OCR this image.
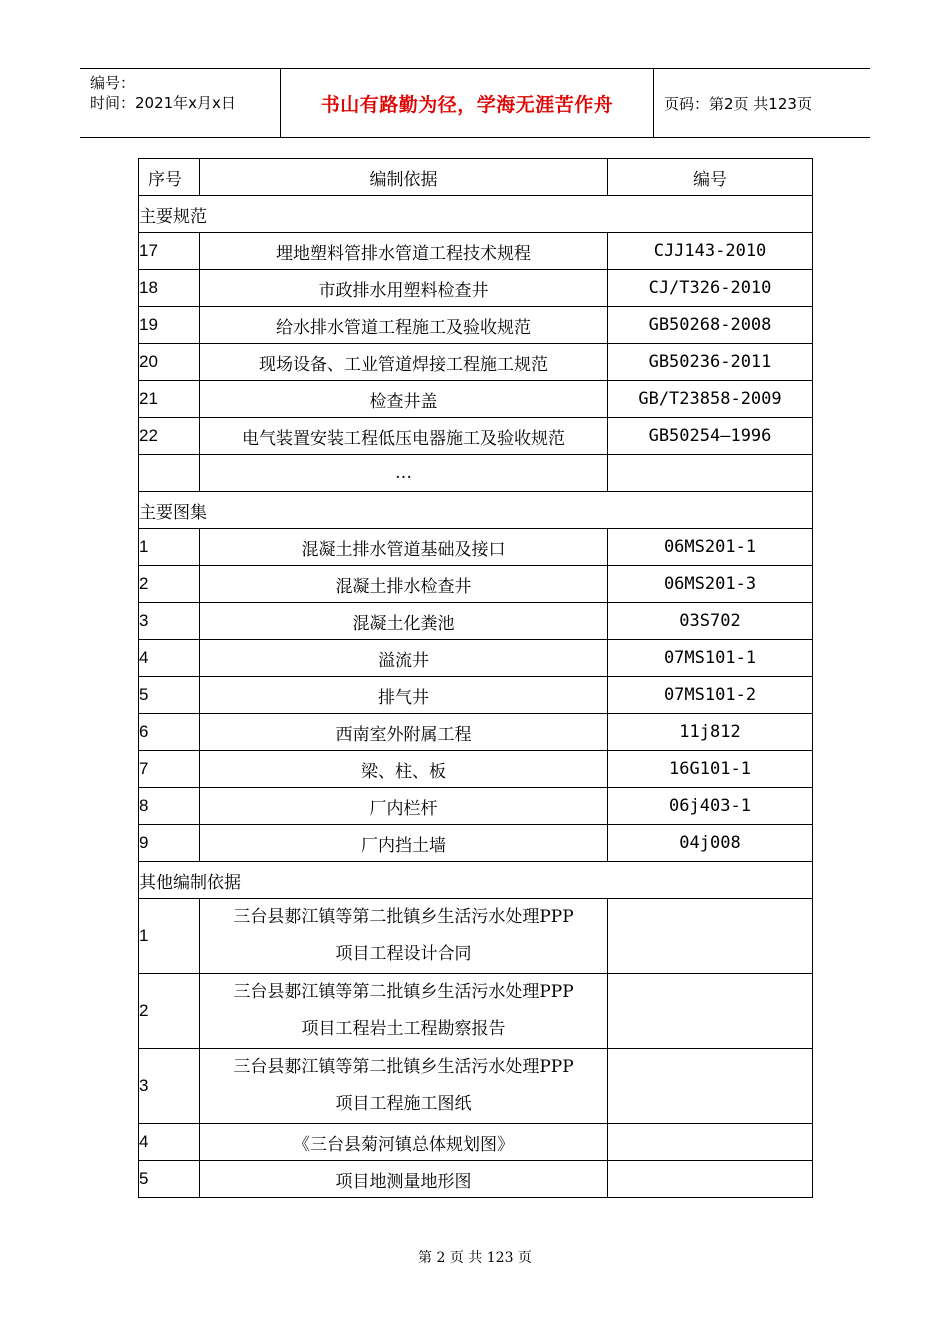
编号：
时间：2021年x月x日	书山有路勤为径，学海无涯苦作舟	页码：第2页 共123页
序号	编制依据	编号
主要规范		
17	埋地塑料管排水管道工程技术规程	CJJ143-2010
18	市政排水用塑料检查井	CJ/T326-2010
19	给水排水管道工程施工及验收规范	GB50268-2008
20	现场设备、工业管道焊接工程施工规范	GB50236-2011
21	检查井盖	GB/T23858-2009
22	电气装置安装工程低压电器施工及验收规范	GB50254—1996
	…	
主要图集		
1	混凝土排水管道基础及接口	06MS201-1
2	混凝土排水检查井	06MS201-3
3	混凝土化粪池	03S702
4	溢流井	07MS101-1
5	排气井	07MS101-2
6	西南室外附属工程	11j812
7	梁、柱、板	16G101-1
8	厂内栏杆	06j403-1
9	厂内挡土墙	04j008
其他编制依据		
1	三台县郪江镇等第二批镇乡生活污水处理PPP
项目工程设计合同	
2	三台县郪江镇等第二批镇乡生活污水处理PPP
项目工程岩土工程勘察报告	
3	三台县郪江镇等第二批镇乡生活污水处理PPP
项目工程施工图纸	
4	《三台县菊河镇总体规划图》	
5	项目地测量地形图	
第 2 页 共 123 页
